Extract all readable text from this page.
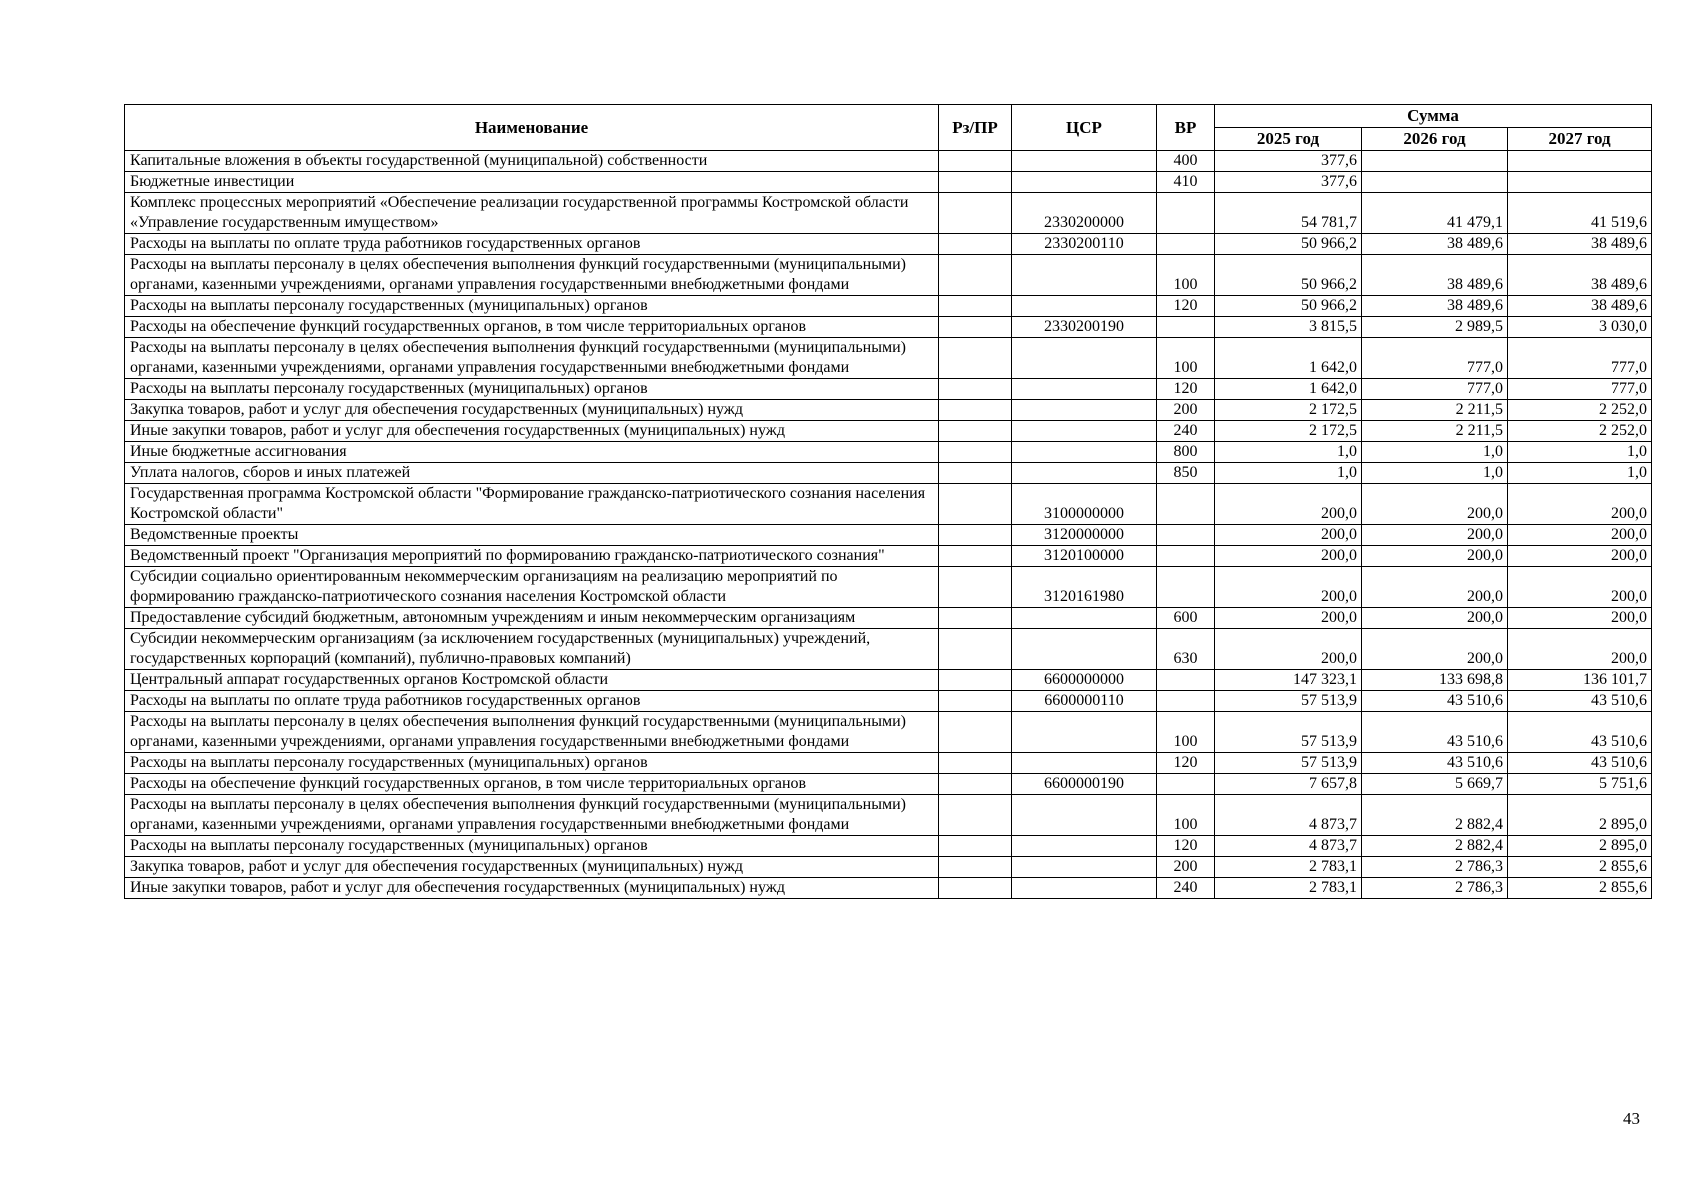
Наименование	Рз/ПР	ЦСР	ВР	Сумма		
				2025 год	2026 год	2027 год
Капитальные вложения в объекты государственной (муниципальной) собственности			400	377,6		
Бюджетные инвестиции			410	377,6		
Комплекс процессных мероприятий «Обеспечение реализации государственной программы Костромской области «Управление государственным имуществом»		2330200000		54 781,7	41 479,1	41 519,6
Расходы на выплаты по оплате труда работников государственных органов		2330200110		50 966,2	38 489,6	38 489,6
Расходы на выплаты персоналу в целях обеспечения выполнения функций государственными (муниципальными) органами, казенными учреждениями, органами управления государственными внебюджетными фондами			100	50 966,2	38 489,6	38 489,6
Расходы на выплаты персоналу государственных (муниципальных) органов			120	50 966,2	38 489,6	38 489,6
Расходы на обеспечение функций государственных органов, в том числе территориальных органов		2330200190		3 815,5	2 989,5	3 030,0
Расходы на выплаты персоналу в целях обеспечения выполнения функций государственными (муниципальными) органами, казенными учреждениями, органами управления государственными внебюджетными фондами			100	1 642,0	777,0	777,0
Расходы на выплаты персоналу государственных (муниципальных) органов			120	1 642,0	777,0	777,0
Закупка товаров, работ и услуг для обеспечения государственных (муниципальных) нужд			200	2 172,5	2 211,5	2 252,0
Иные закупки товаров, работ и услуг для обеспечения государственных (муниципальных) нужд			240	2 172,5	2 211,5	2 252,0
Иные бюджетные ассигнования			800	1,0	1,0	1,0
Уплата налогов, сборов и иных платежей			850	1,0	1,0	1,0
Государственная программа Костромской области "Формирование гражданско-патриотического сознания населения Костромской области"		3100000000		200,0	200,0	200,0
Ведомственные проекты		3120000000		200,0	200,0	200,0
Ведомственный проект "Организация мероприятий по формированию гражданско-патриотического сознания"		3120100000		200,0	200,0	200,0
Субсидии социально ориентированным некоммерческим организациям на реализацию мероприятий по формированию гражданско-патриотического сознания населения Костромской области		3120161980		200,0	200,0	200,0
Предоставление субсидий бюджетным, автономным учреждениям и иным некоммерческим организациям			600	200,0	200,0	200,0
Субсидии некоммерческим организациям (за исключением государственных (муниципальных) учреждений, государственных корпораций (компаний), публично-правовых компаний)			630	200,0	200,0	200,0
Центральный аппарат государственных органов Костромской области		6600000000		147 323,1	133 698,8	136 101,7
Расходы на выплаты по оплате труда работников государственных органов		6600000110		57 513,9	43 510,6	43 510,6
Расходы на выплаты персоналу в целях обеспечения выполнения функций государственными (муниципальными) органами, казенными учреждениями, органами управления государственными внебюджетными фондами			100	57 513,9	43 510,6	43 510,6
Расходы на выплаты персоналу государственных (муниципальных) органов			120	57 513,9	43 510,6	43 510,6
Расходы на обеспечение функций государственных органов, в том числе территориальных органов		6600000190		7 657,8	5 669,7	5 751,6
Расходы на выплаты персоналу в целях обеспечения выполнения функций государственными (муниципальными) органами, казенными учреждениями, органами управления государственными внебюджетными фондами			100	4 873,7	2 882,4	2 895,0
Расходы на выплаты персоналу государственных (муниципальных) органов			120	4 873,7	2 882,4	2 895,0
Закупка товаров, работ и услуг для обеспечения государственных (муниципальных) нужд			200	2 783,1	2 786,3	2 855,6
Иные закупки товаров, работ и услуг для обеспечения государственных (муниципальных) нужд			240	2 783,1	2 786,3	2 855,6
43
